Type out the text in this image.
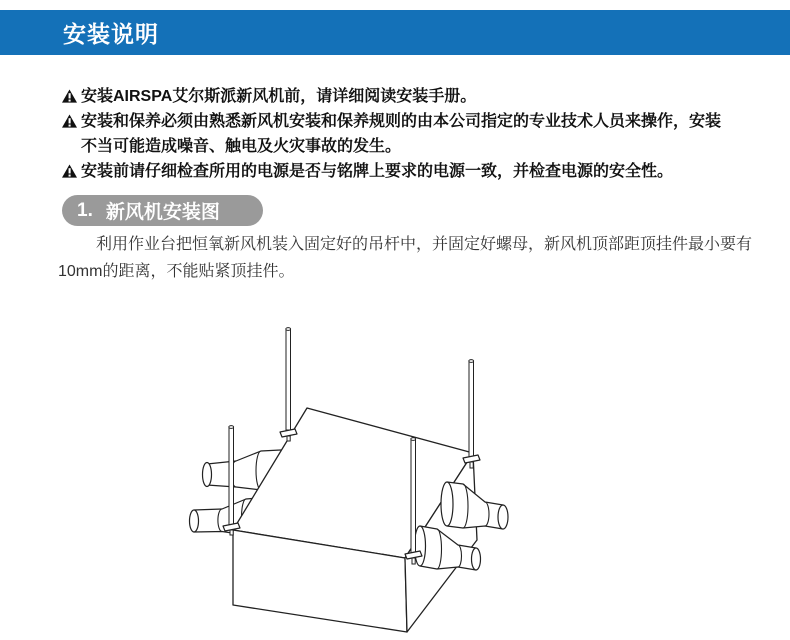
安装说明
安装AIRSPA艾尔斯派新风机前，请详细阅读安装手册。
安装和保养必须由熟悉新风机安装和保养规则的由本公司指定的专业技术人员来操作，安装不当可能造成噪音、触电及火灾事故的发生。
安装前请仔细检查所用的电源是否与铭牌上要求的电源一致，并检查电源的安全性。
1. 新风机安装图

利用作业台把恒氧新风机装入固定好的吊杆中，并固定好螺母，新风机顶部距顶挂件最小要有10mm的距离，不能贴紧顶挂件。
